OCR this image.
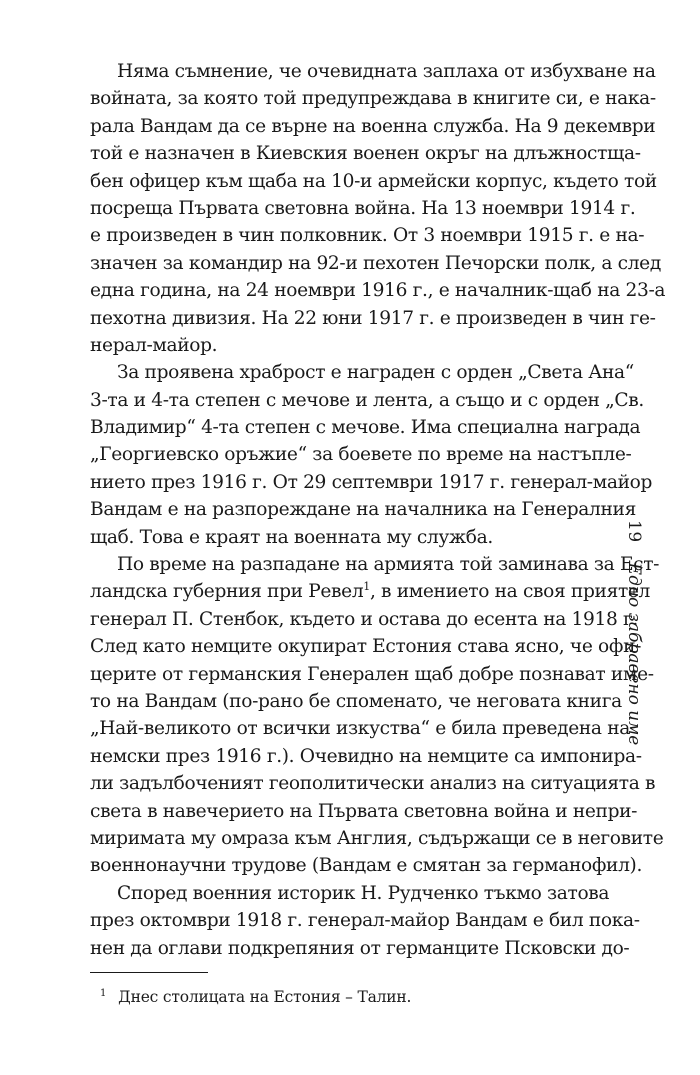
Няма съмнение, че очевидната заплаха от избухване на
войната, за която той предупреждава в книгите си, е нака-
рала Вандам да се върне на военна служба. На 9 декември
той е назначен в Киевския военен окръг на длъжностща-
бен офицер към щаба на 10-и армейски корпус, където той
посреща Първата световна война. На 13 ноември 1914 г.
е произведен в чин полковник. От 3 ноември 1915 г. е на-
значен за командир на 92-и пехотен Печорски полк, а след
една година, на 24 ноември 1916 г., е началник-щаб на 23-а
пехотна дивизия. На 22 юни 1917 г. е произведен в чин ге-
нерал-майор.
За проявена храброст е награден с орден „Света Ана“
3-та и 4-та степен с мечове и лента, а също и с орден „Св.
Владимир“ 4-та степен с мечове. Има специална награда
„Георгиевско оръжие“ за боевете по време на настъпле-
нието през 1916 г. От 29 септември 1917 г. генерал-майор
Вандам е на разпореждане на началника на Генералния
щаб. Това е краят на военната му служба.
По време на разпадане на армията той заминава за Ест-
ландска губерния при Ревел$^1$, в имението на своя приятел
генерал П. Стенбок, където и остава до есента на 1918 г.
След като немците окупират Естония става ясно, че офи-
церите от германския Генерален щаб добре познават име-
то на Вандам (по-рано бе споменато, че неговата книга
„Най-великото от всички изкуства“ е била преведена на
немски през 1916 г.). Очевидно на немците са импонира-
ли задълбоченият геополитически анализ на ситуацията в
света в навечерието на Първата световна война и непри-
миримата му омраза към Англия, съдържащи се в неговите
военнонаучни трудове (Вандам е смятан за германофил).
Според военния историк Н. Рудченко тъкмо затова
през октомври 1918 г. генерал-майор Вандам е бил пока-
нен да оглави подкрепяния от германците Псковски до-
19
Едно забравено име
$^1$ Днес столицата на Естония – Талин.
